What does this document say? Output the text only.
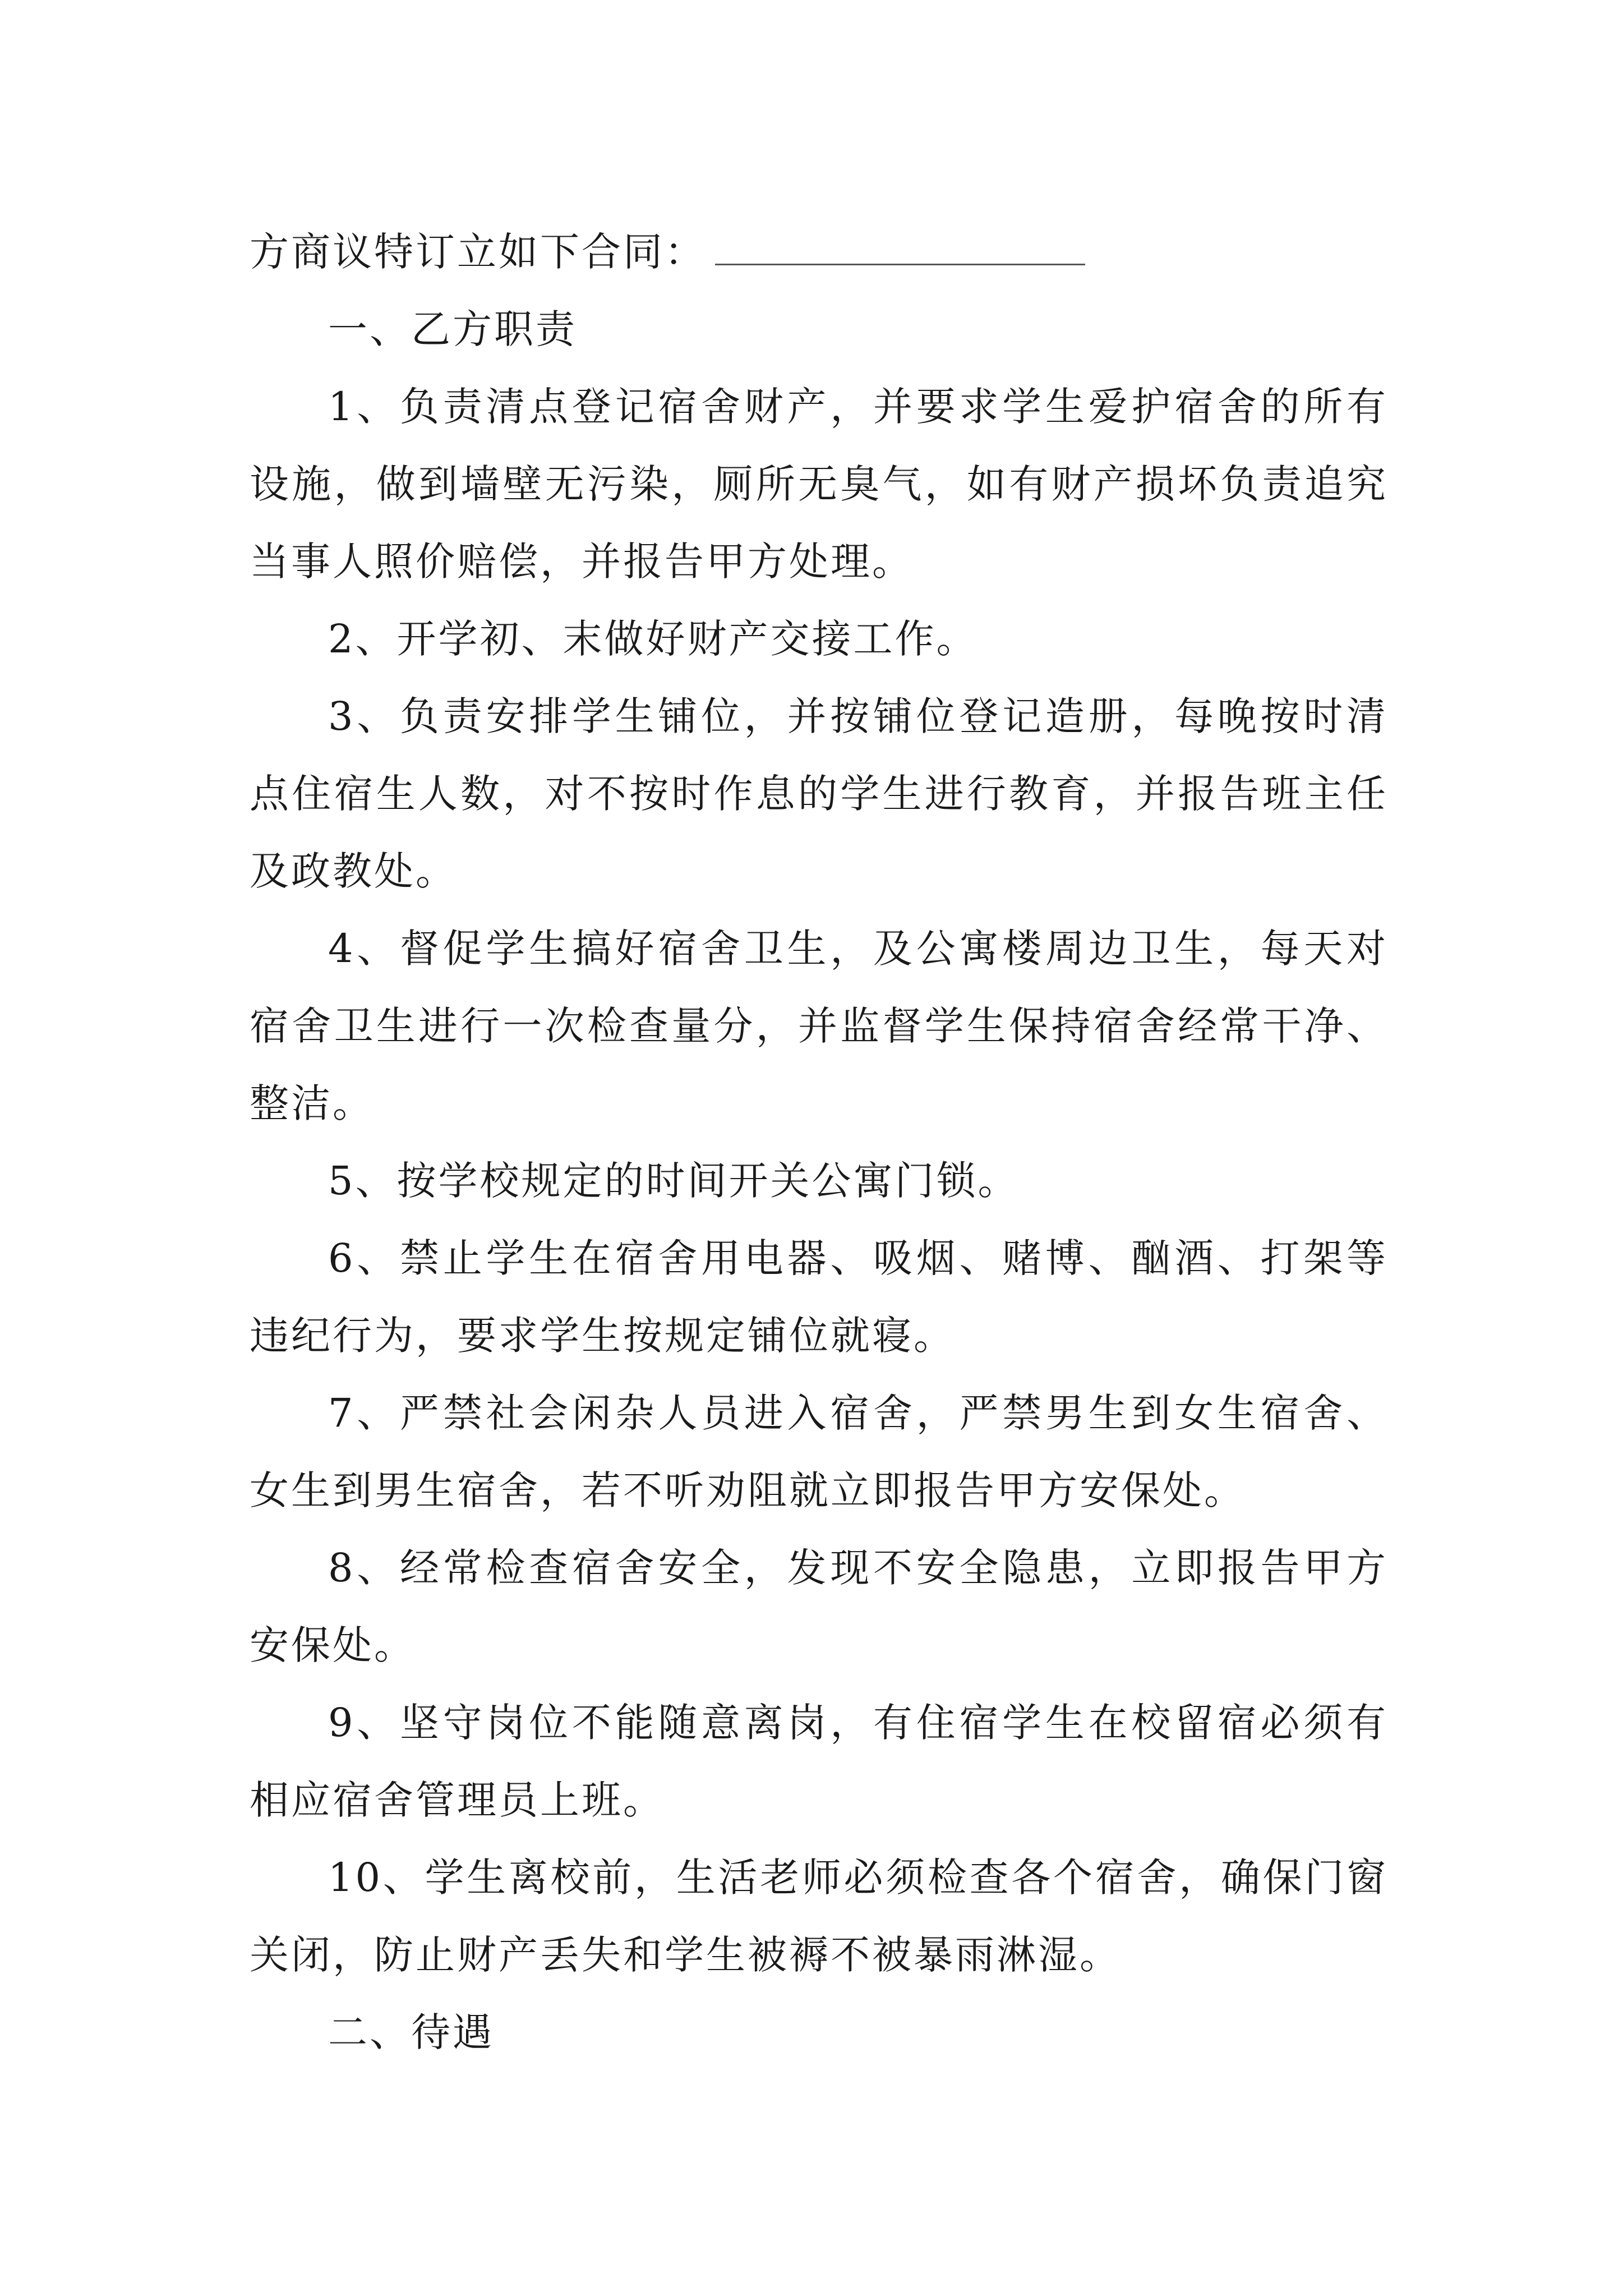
方商议特订立如下合同：

一、乙方职责

1、负责清点登记宿舍财产，并要求学生爱护宿舍的所有设施，做到墙壁无污染，厕所无臭气，如有财产损坏负责追究当事人照价赔偿，并报告甲方处理。

2、开学初、末做好财产交接工作。

3、负责安排学生铺位，并按铺位登记造册，每晚按时清点住宿生人数，对不按时作息的学生进行教育，并报告班主任及政教处。

4、督促学生搞好宿舍卫生，及公寓楼周边卫生，每天对宿舍卫生进行一次检查量分，并监督学生保持宿舍经常干净、整洁。

5、按学校规定的时间开关公寓门锁。

6、禁止学生在宿舍用电器、吸烟、赌博、酗酒、打架等违纪行为，要求学生按规定铺位就寝。

7、严禁社会闲杂人员进入宿舍，严禁男生到女生宿舍、女生到男生宿舍，若不听劝阻就立即报告甲方安保处。

8、经常检查宿舍安全，发现不安全隐患，立即报告甲方安保处。

9、坚守岗位不能随意离岗，有住宿学生在校留宿必须有相应宿舍管理员上班。

10、学生离校前，生活老师必须检查各个宿舍，确保门窗关闭，防止财产丢失和学生被褥不被暴雨淋湿。

二、待遇
